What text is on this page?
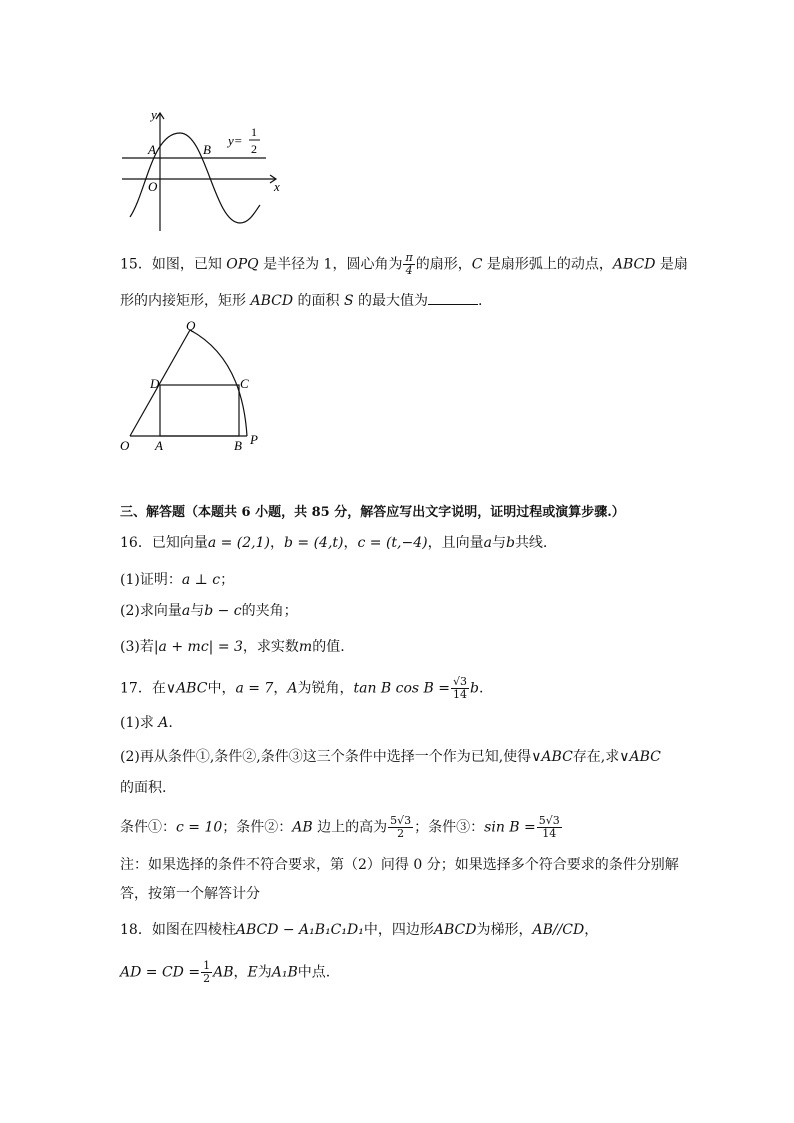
y
x
O
A	B
y=
1
2
15．如图，已知 OPQ 是半径为 1，圆心角为 $\frac{\pi}{4}$ 的扇形，C 是扇形弧上的动点，ABCD 是扇
形的内接矩形，矩形 ABCD 的面积 S 的最大值为	.
Q
D	C
O A	B P
三、解答题（本题共 6 小题，共 85 分，解答应写出文字说明，证明过程或演算步骤.）
16．已知向量a = (2,1)，b = (4,t)，c = (t,−4)，且向量a与b共线.
(1)证明：a ⊥ c；
(2)求向量a与b − c的夹角；
(3)若|a + mc| = 3，求实数m的值.
17．在∨ABC中，a = 7，A为锐角，tan B $\cos B = \frac{√3}{14} b$.
(1)求 A.
(2)再从条件①,条件②,条件③这三个条件中选择一个作为已知,使得∨ABC存在,求∨ABC
的面积.
条件①：c = 10；条件②：AB 边上的高为 $\frac{5√3}{2}$ ；条件③：$\sin B = \frac{5√3}{14}$
注：如果选择的条件不符合要求，第（2）问得 0 分；如果选择多个符合要求的条件分别解
答，按第一个解答计分
18．如图在四棱柱ABCD − A₁B₁C₁D₁中，四边形ABCD为梯形，AB//CD，
AD = CD = $\frac{1}{2}$ AB，E为A₁B中点.
